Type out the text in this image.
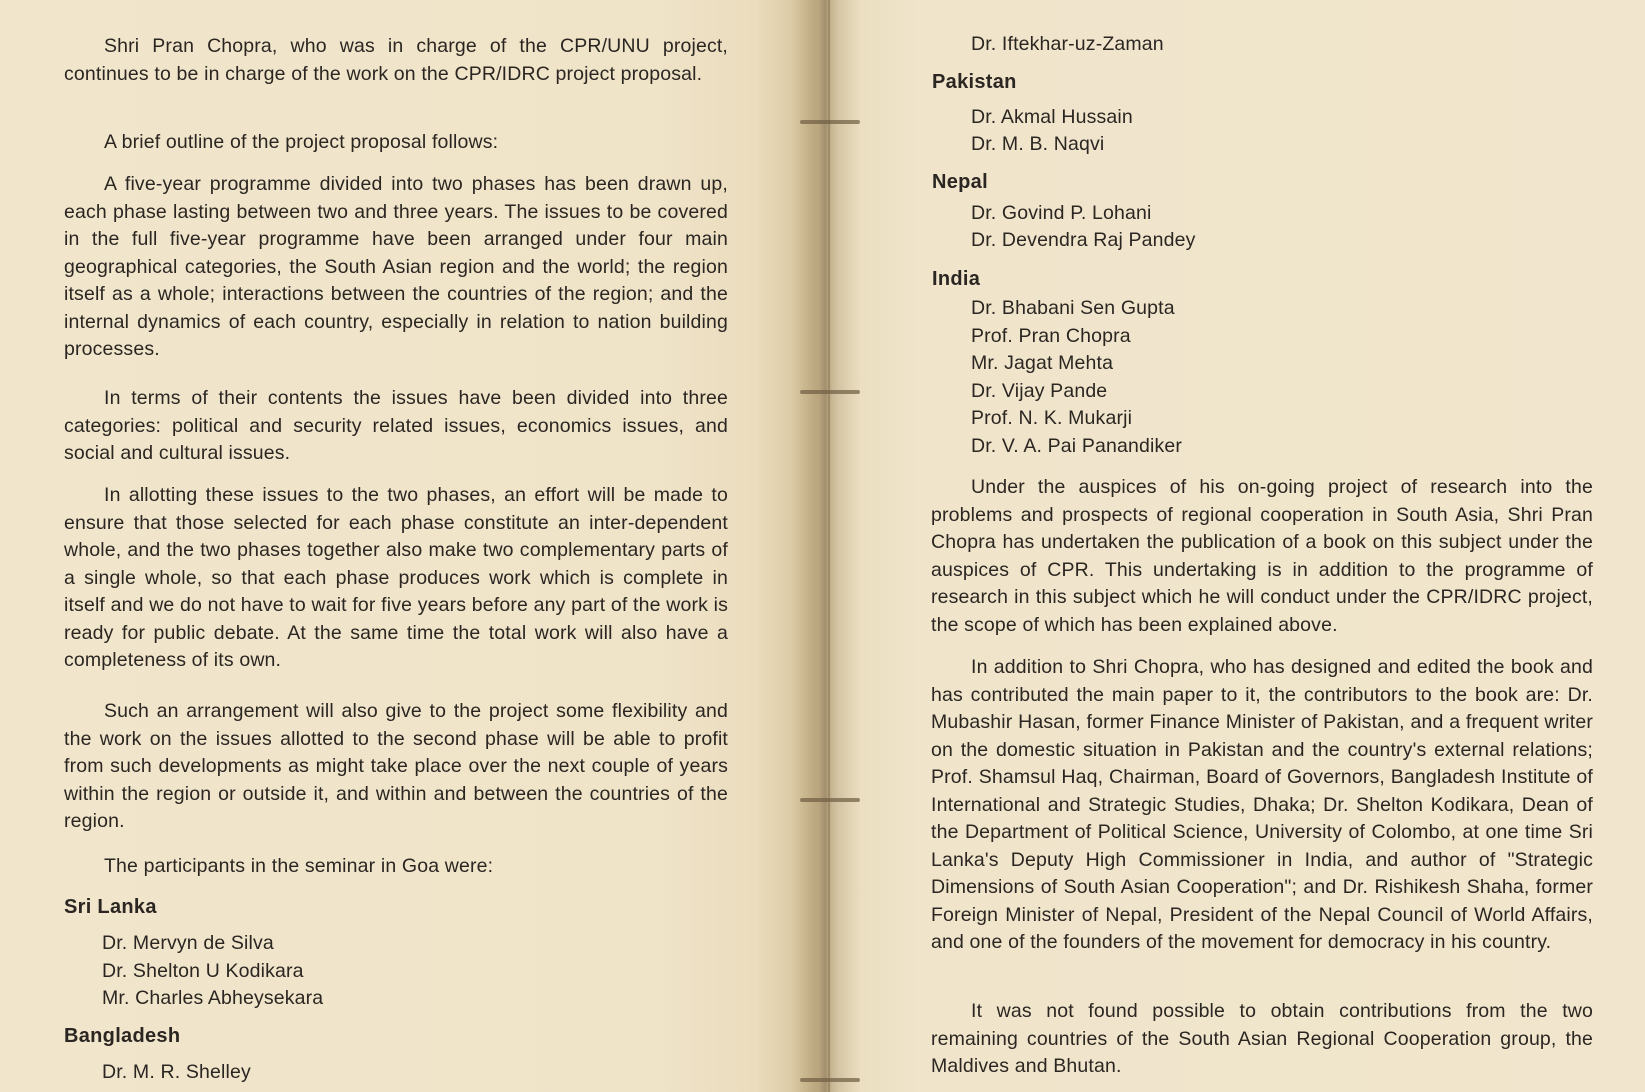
Shri Pran Chopra, who was in charge of the CPR/UNU project, continues to be in charge of the work on the CPR/IDRC project proposal.

A brief outline of the project proposal follows:

A five-year programme divided into two phases has been drawn up, each phase lasting between two and three years. The issues to be covered in the full five-year programme have been arranged under four main geographical categories, the South Asian region and the world; the region itself as a whole; interactions between the countries of the region; and the internal dynamics of each country, especially in relation to nation building processes.

In terms of their contents the issues have been divided into three categories: political and security related issues, economics issues, and social and cultural issues.

In allotting these issues to the two phases, an effort will be made to ensure that those selected for each phase constitute an inter-dependent whole, and the two phases together also make two complementary parts of a single whole, so that each phase produces work which is complete in itself and we do not have to wait for five years before any part of the work is ready for public debate. At the same time the total work will also have a completeness of its own.

Such an arrangement will also give to the project some flexibility and the work on the issues allotted to the second phase will be able to profit from such developments as might take place over the next couple of years within the region or outside it, and within and between the countries of the region.

The participants in the seminar in Goa were:

Sri Lanka

Dr. Mervyn de Silva

Dr. Shelton U Kodikara

Mr. Charles Abheysekara

Bangladesh

Dr. M. R. Shelley

Dr. Iftekhar-uz-Zaman

Pakistan

Dr. Akmal Hussain

Dr. M. B. Naqvi

Nepal

Dr. Govind P. Lohani

Dr. Devendra Raj Pandey

India

Dr. Bhabani Sen Gupta

Prof. Pran Chopra

Mr. Jagat Mehta

Dr. Vijay Pande

Prof. N. K. Mukarji

Dr. V. A. Pai Panandiker

Under the auspices of his on-going project of research into the problems and prospects of regional cooperation in South Asia, Shri Pran Chopra has undertaken the publication of a book on this subject under the auspices of CPR. This undertaking is in addition to the programme of research in this subject which he will conduct under the CPR/IDRC project, the scope of which has been explained above.

In addition to Shri Chopra, who has designed and edited the book and has contributed the main paper to it, the contributors to the book are: Dr. Mubashir Hasan, former Finance Minister of Pakistan, and a frequent writer on the domestic situation in Pakistan and the country's external relations; Prof. Shamsul Haq, Chairman, Board of Governors, Bangladesh Institute of International and Strategic Studies, Dhaka; Dr. Shelton Kodikara, Dean of the Department of Political Science, University of Colombo, at one time Sri Lanka's Deputy High Commissioner in India, and author of "Strategic Dimensions of South Asian Cooperation"; and Dr. Rishikesh Shaha, former Foreign Minister of Nepal, President of the Nepal Council of World Affairs, and one of the founders of the movement for democracy in his country.

It was not found possible to obtain contributions from the two remaining countries of the South Asian Regional Cooperation group, the Maldives and Bhutan.
